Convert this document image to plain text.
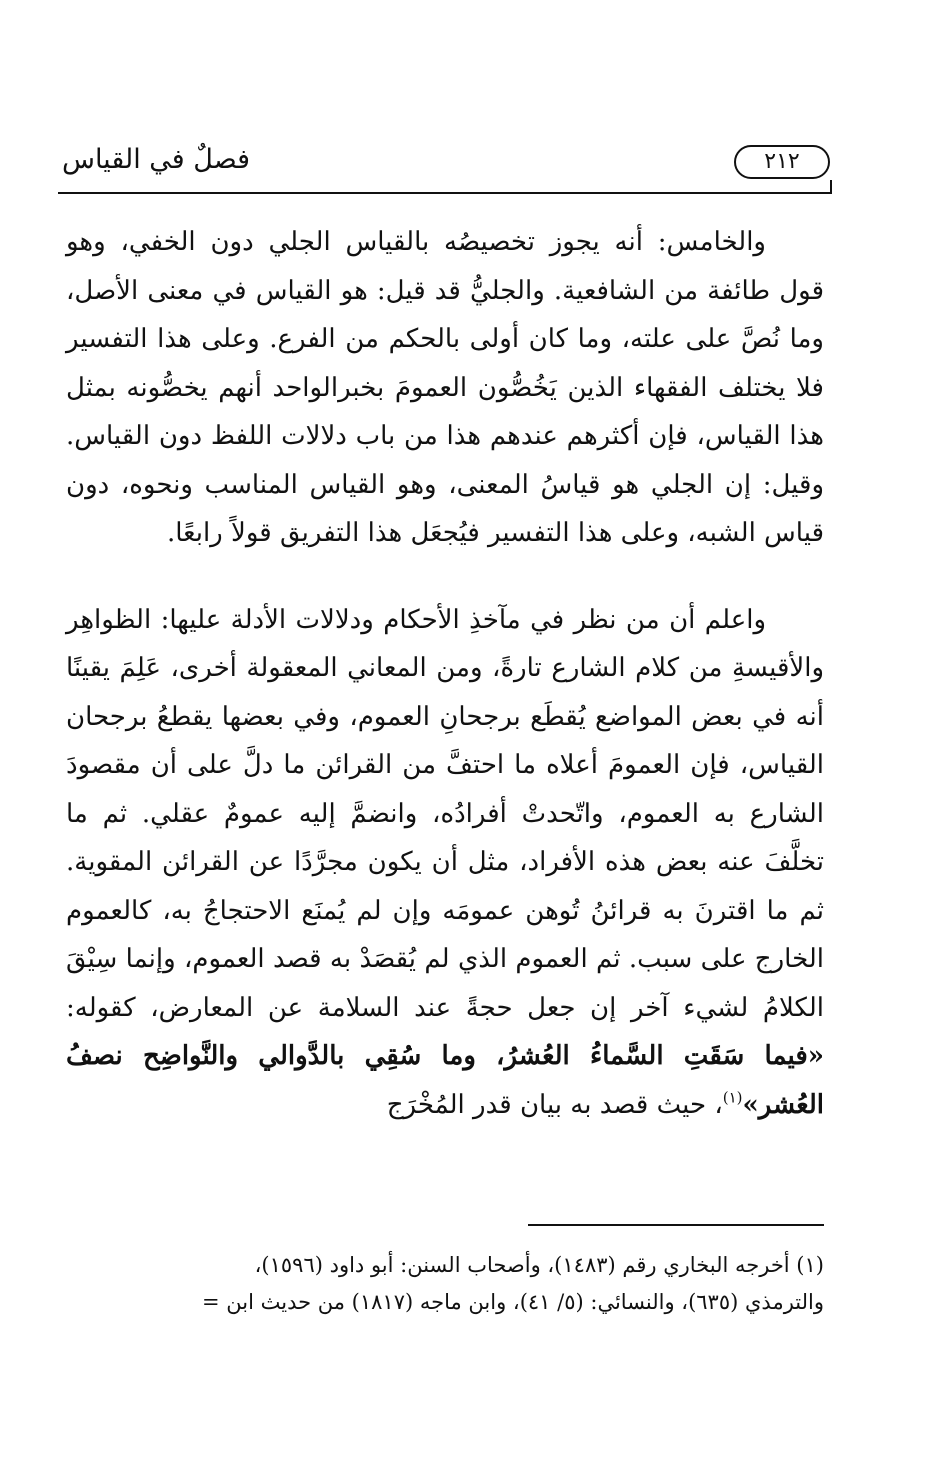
٢١٢
فصلٌ في القياس

والخامس: أنه يجوز تخصيصُه بالقياس الجلي دون الخفي، وهو قول طائفة من الشافعية. والجليُّ قد قيل: هو القياس في معنى الأصل، وما نُصَّ على علته، وما كان أولى بالحكم من الفرع. وعلى هذا التفسير فلا يختلف الفقهاء الذين يَخُصُّون العمومَ بخبرالواحد أنهم يخصُّونه بمثل هذا القياس، فإن أكثرهم عندهم هذا من باب دلالات اللفظ دون القياس. وقيل: إن الجلي هو قياسُ المعنى، وهو القياس المناسب ونحوه، دون قياس الشبه، وعلى هذا التفسير فيُجعَل هذا التفريق قولاً رابعًا.

واعلم أن من نظر في مآخذِ الأحكام ودلالات الأدلة عليها: الظواهِر والأقيسةِ من كلام الشارع تارةً، ومن المعاني المعقولة أخرى، عَلِمَ يقينًا أنه في بعض المواضع يُقطَع برجحانِ العموم، وفي بعضها يقطعُ برجحان القياس، فإن العمومَ أعلاه ما احتفَّ من القرائن ما دلَّ على أن مقصودَ الشارع به العموم، واتّحدتْ أفرادُه، وانضمَّ إليه عمومٌ عقلي. ثم ما تخلَّفَ عنه بعض هذه الأفراد، مثل أن يكون مجرَّدًا عن القرائن المقوية. ثم ما اقترنَ به قرائنُ تُوهن عمومَه وإن لم يُمنَع الاحتجاجُ به، كالعموم الخارج على سبب. ثم العموم الذي لم يُقصَدْ به قصد العموم، وإنما سِيْقَ الكلامُ لشيء آخر إن جعل حجةً عند السلامة عن المعارض، كقوله: «فيما سَقَتِ السَّماءُ العُشرُ، وما سُقِي بالدَّوالي والنَّواضِح نصفُ العُشر»$^{(١)}$، حيث قصد به بيان قدر المُخْرَج

(١) أخرجه البخاري رقم (١٤٨٣)، وأصحاب السنن: أبو داود (١٥٩٦)،

والترمذي (٦٣٥)، والنسائي: (٥/ ٤١)، وابن ماجه (١٨١٧) من حديث ابن =
